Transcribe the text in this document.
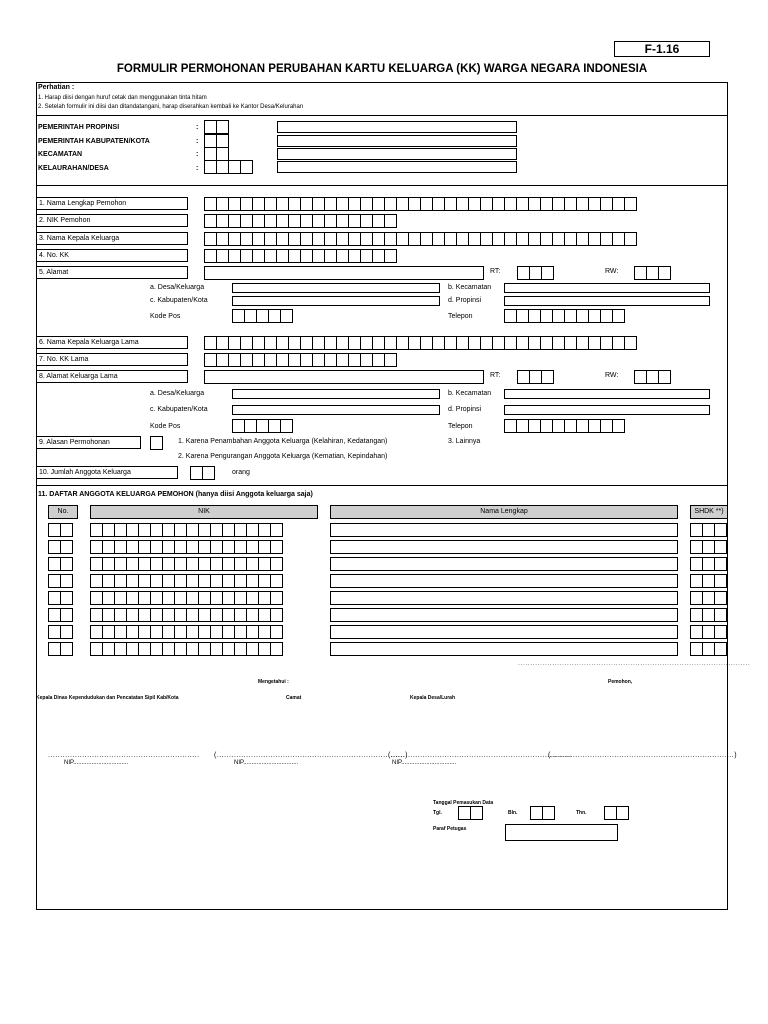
F-1.16
FORMULIR PERMOHONAN PERUBAHAN KARTU KELUARGA (KK) WARGA NEGARA INDONESIA
Perhatian :
1. Harap diisi dengan huruf cetak dan menggunakan tinta hitam
2. Setelah formulir ini diisi dan ditandatangani, harap diserahkan kembali ke Kantor Desa/Kelurahan
PEMERINTAH PROPINSI
PEMERINTAH KABUPATEN/KOTA
KECAMATAN
KELAURAHAN/DESA
:
:
:
:
1. Nama Lengkap Pemohon
2. NIK Pemohon
3. Nama Kepala Keluarga
4. No. KK
5. Alamat	RT:	RW:
a. Desa/Keluarga	b. Kecamatan
c. Kabupaten/Kota	d. Propinsi
Kode Pos	Telepon
6. Nama Kepala Keluarga Lama
7. No. KK Lama
8. Alamat Keluarga Lama	RT:	RW:
a. Desa/Keluarga	b. Kecamatan
c. Kabupaten/Kota	d. Propinsi
Kode Pos	Telepon
9. Alasan Permohonan	1. Karena Penambahan Anggota Keluarga (Kelahiran, Kedatangan)	3. Lainnya
2. Karena Pengurangan Anggota Keluarga (Kematian, Kepindahan)
10. Jumlah Anggota Keluarga	orang
11. DAFTAR ANGGOTA KELUARGA PEMOHON (hanya diisi Anggota keluarga saja)
No.	NIK	Nama Lengkap	SHDK **)
...............................................................................................
Mengetahui :	Pemohon,
Kepala Dinas Kependudukan dan Pencatatan Sipil Kab/Kota	Camat	Kepala Desa/Lurah
.............................................................. (.............................................................................)
(..........................................................................
(...........................................................................)
NIP.................................	NIP.................................	NIP.................................
Tanggal Pemasukan Data
Tgl.	Bln.	Thn.
Paraf Petugas
